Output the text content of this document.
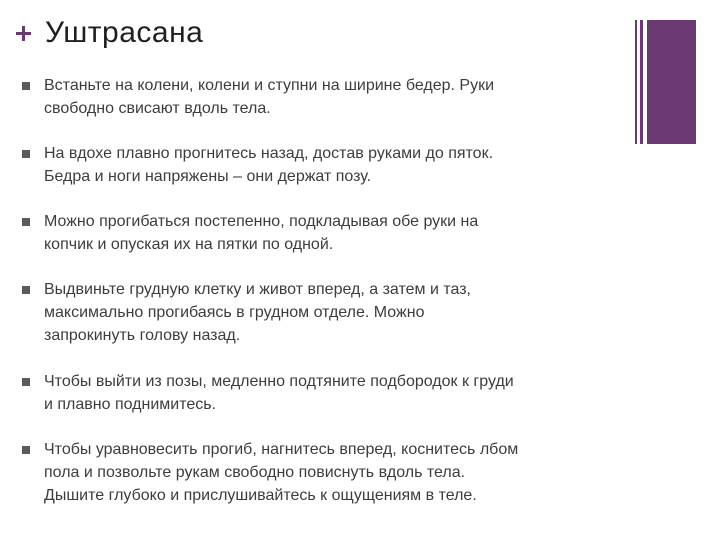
Уштрасана
Встаньте на колени, колени и ступни на ширине бедер. Руки
свободно свисают вдоль тела.
На вдохе плавно прогнитесь назад, достав руками до пяток.
Бедра и ноги напряжены – они держат позу.
Можно прогибаться постепенно, подкладывая обе руки на
копчик и опуская их на пятки по одной.
Выдвиньте грудную клетку и живот вперед, а затем и таз,
максимально прогибаясь в грудном отделе. Можно
запрокинуть голову назад.
Чтобы выйти из позы, медленно подтяните подбородок к груди
и плавно поднимитесь.
Чтобы уравновесить прогиб, нагнитесь вперед, коснитесь лбом
пола и позвольте рукам свободно повиснуть вдоль тела.
Дышите глубоко и прислушивайтесь к ощущениям в теле.
